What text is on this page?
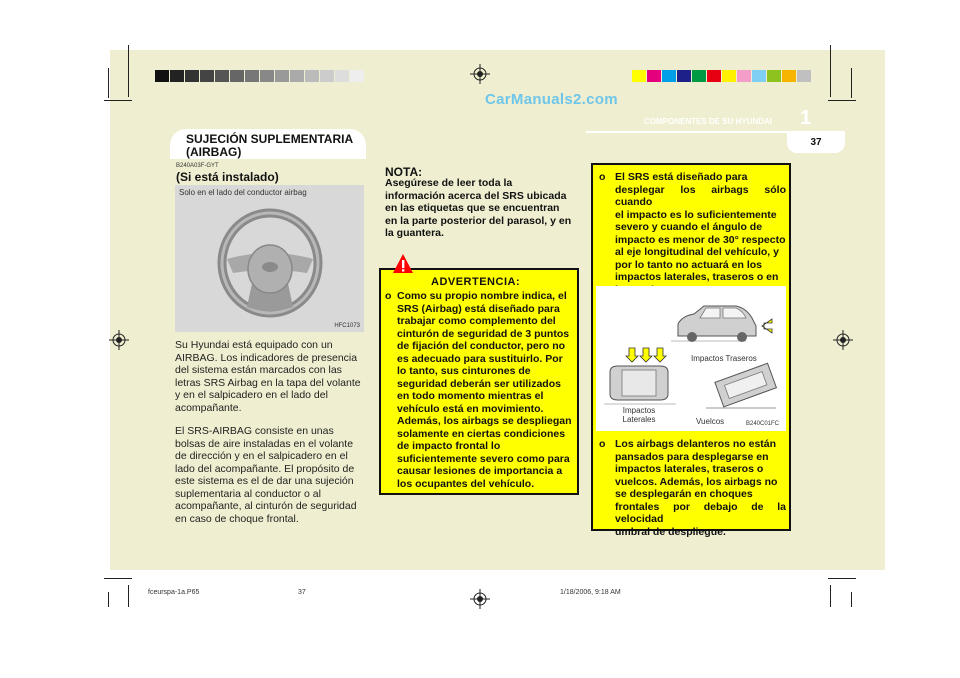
CarManuals2.com
COMPONENTES DE SU HYUNDAI 1
37
SUJECIÓN SUPLEMENTARIA
(AIRBAG)
B240A03F-GYT
(Si está instalado)
Solo en el lado del conductor airbag
HFC1073
Su Hyundai está equipado con un
AIRBAG. Los indicadores de presencia
del sistema están marcados con las
letras SRS Airbag en la tapa del volante
y en el salpicadero en el lado del
acompañante.
El SRS-AIRBAG consiste en unas
bolsas de aire instaladas en el volante
de dirección y en el salpicadero en el
lado del acompañante. El propósito de
este sistema es el de dar una sujeción
suplementaria al conductor o al
acompañante, al cinturón de seguridad
en caso de choque frontal.
NOTA:
Asegúrese de leer toda la
información acerca del SRS ubicada
en las etiquetas que se encuentran
en la parte posterior del parasol, y en
la guantera.
ADVERTENCIA:
o Como su propio nombre indica, el
SRS (Airbag) está diseñado para
trabajar como complemento del
cinturón de seguridad de 3 puntos
de fijación del conductor, pero no
es adecuado para sustituirlo. Por
lo tanto, sus cinturones de
seguridad deberán ser utilizados
en todo momento mientras el
vehículo está en movimiento.
Además, los airbags se despliegan
solamente en ciertas condiciones
de impacto frontal lo
suficientemente severo como para
causar lesiones de importancia a
los ocupantes del vehículo.
o El SRS está diseñado para
desplegar los airbags sólo cuando
el impacto es lo suficientemente
severo y cuando el ángulo de
impacto es menor de 30° respecto
al eje longitudinal del vehículo, y
por lo tanto no actuará en los
impactos laterales, traseros o en
o Los airbags delanteros no están
pansados para desplegarse en
impactos laterales, traseros o
vuelcos. Además, los airbags no
se desplegarán en choques
frontales por debajo de la velocidad
umbral de despliegue.
Impactos Traseros
Impactos
Laterales	Vuelcos	B240C01FC
fceurspa-1a.P65	37	1/18/2006, 9:18 AM
